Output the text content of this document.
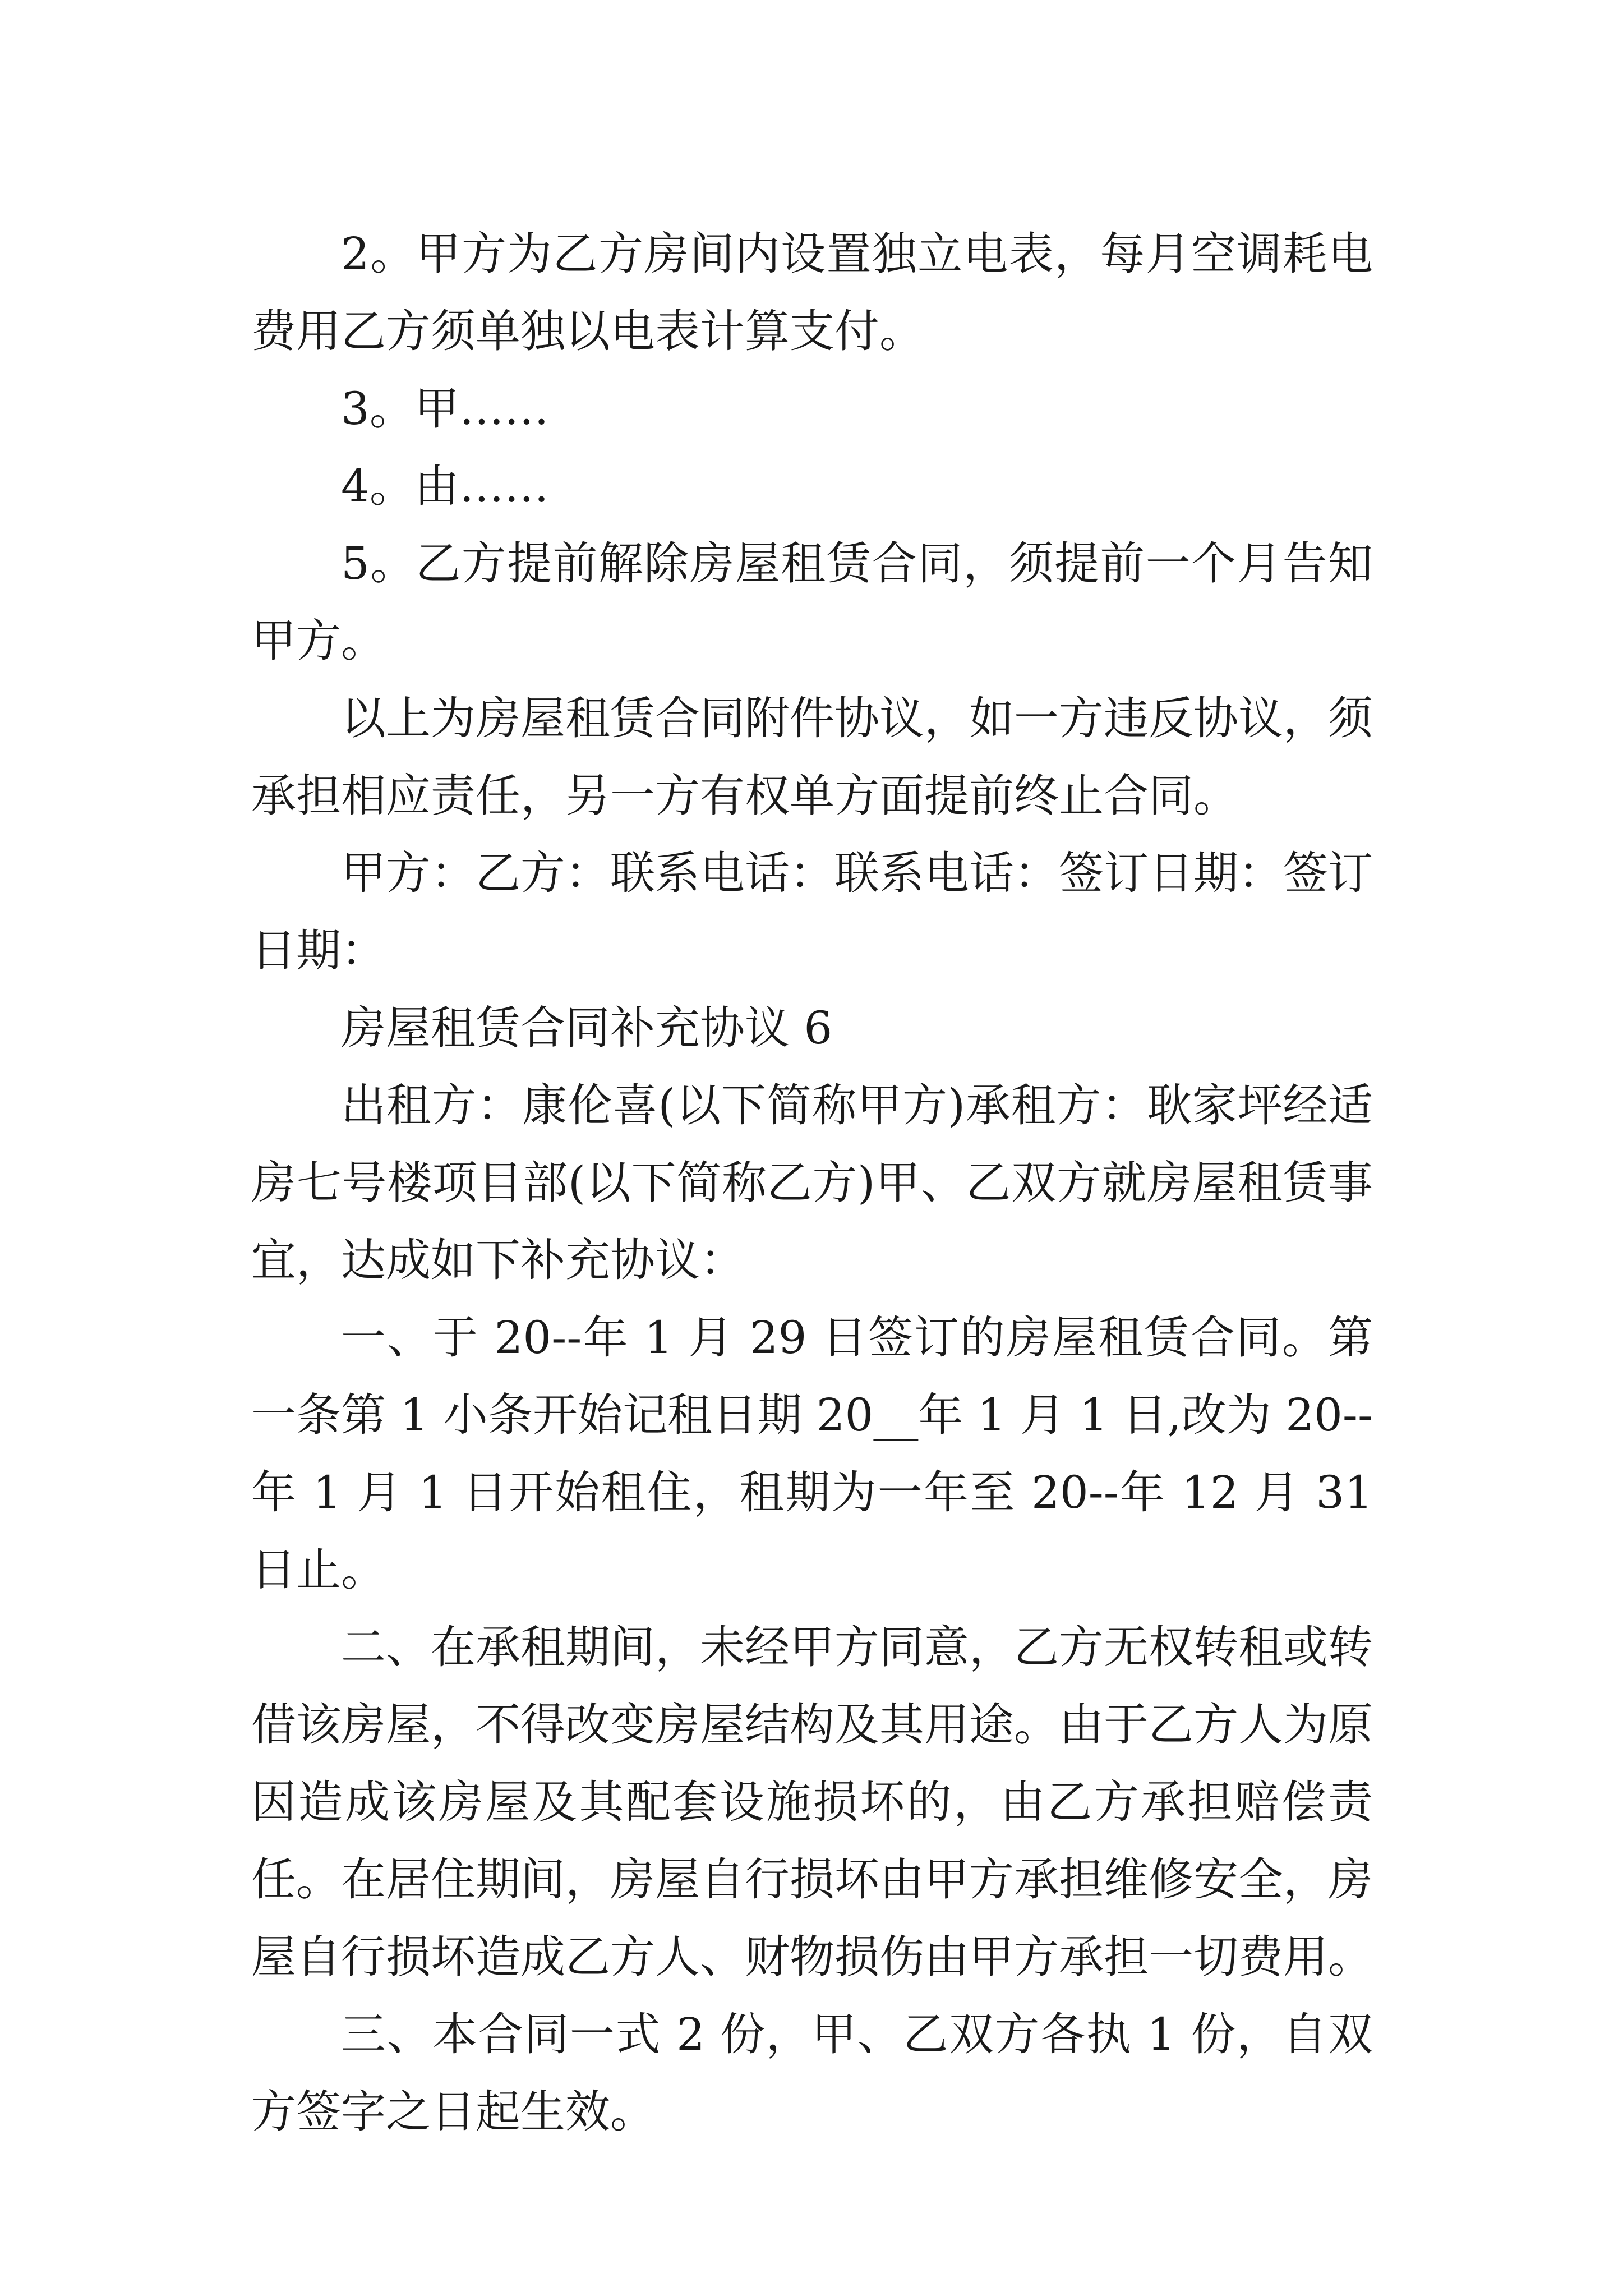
2。甲方为乙方房间内设置独立电表，每月空调耗电费用乙方须单独以电表计算支付。

3。甲……

4。由……

5。乙方提前解除房屋租赁合同，须提前一个月告知甲方。

以上为房屋租赁合同附件协议，如一方违反协议，须承担相应责任，另一方有权单方面提前终止合同。

甲方：乙方：联系电话：联系电话：签订日期：签订日期：

房屋租赁合同补充协议 6

出租方：康伦喜(以下简称甲方)承租方：耿家坪经适房七号楼项目部(以下简称乙方)甲、乙双方就房屋租赁事宜，达成如下补充协议：

一、于 20--年 1 月 29 日签订的房屋租赁合同。第一条第 1 小条开始记租日期 20__年 1 月 1 日,改为 20--年 1 月 1 日开始租住，租期为一年至 20--年 12 月 31 日止。

二、在承租期间，未经甲方同意，乙方无权转租或转借该房屋，不得改变房屋结构及其用途。由于乙方人为原因造成该房屋及其配套设施损坏的，由乙方承担赔偿责任。在居住期间，房屋自行损坏由甲方承担维修安全，房屋自行损坏造成乙方人、财物损伤由甲方承担一切费用。

三、本合同一式 2 份，甲、乙双方各执 1 份，自双方签字之日起生效。
